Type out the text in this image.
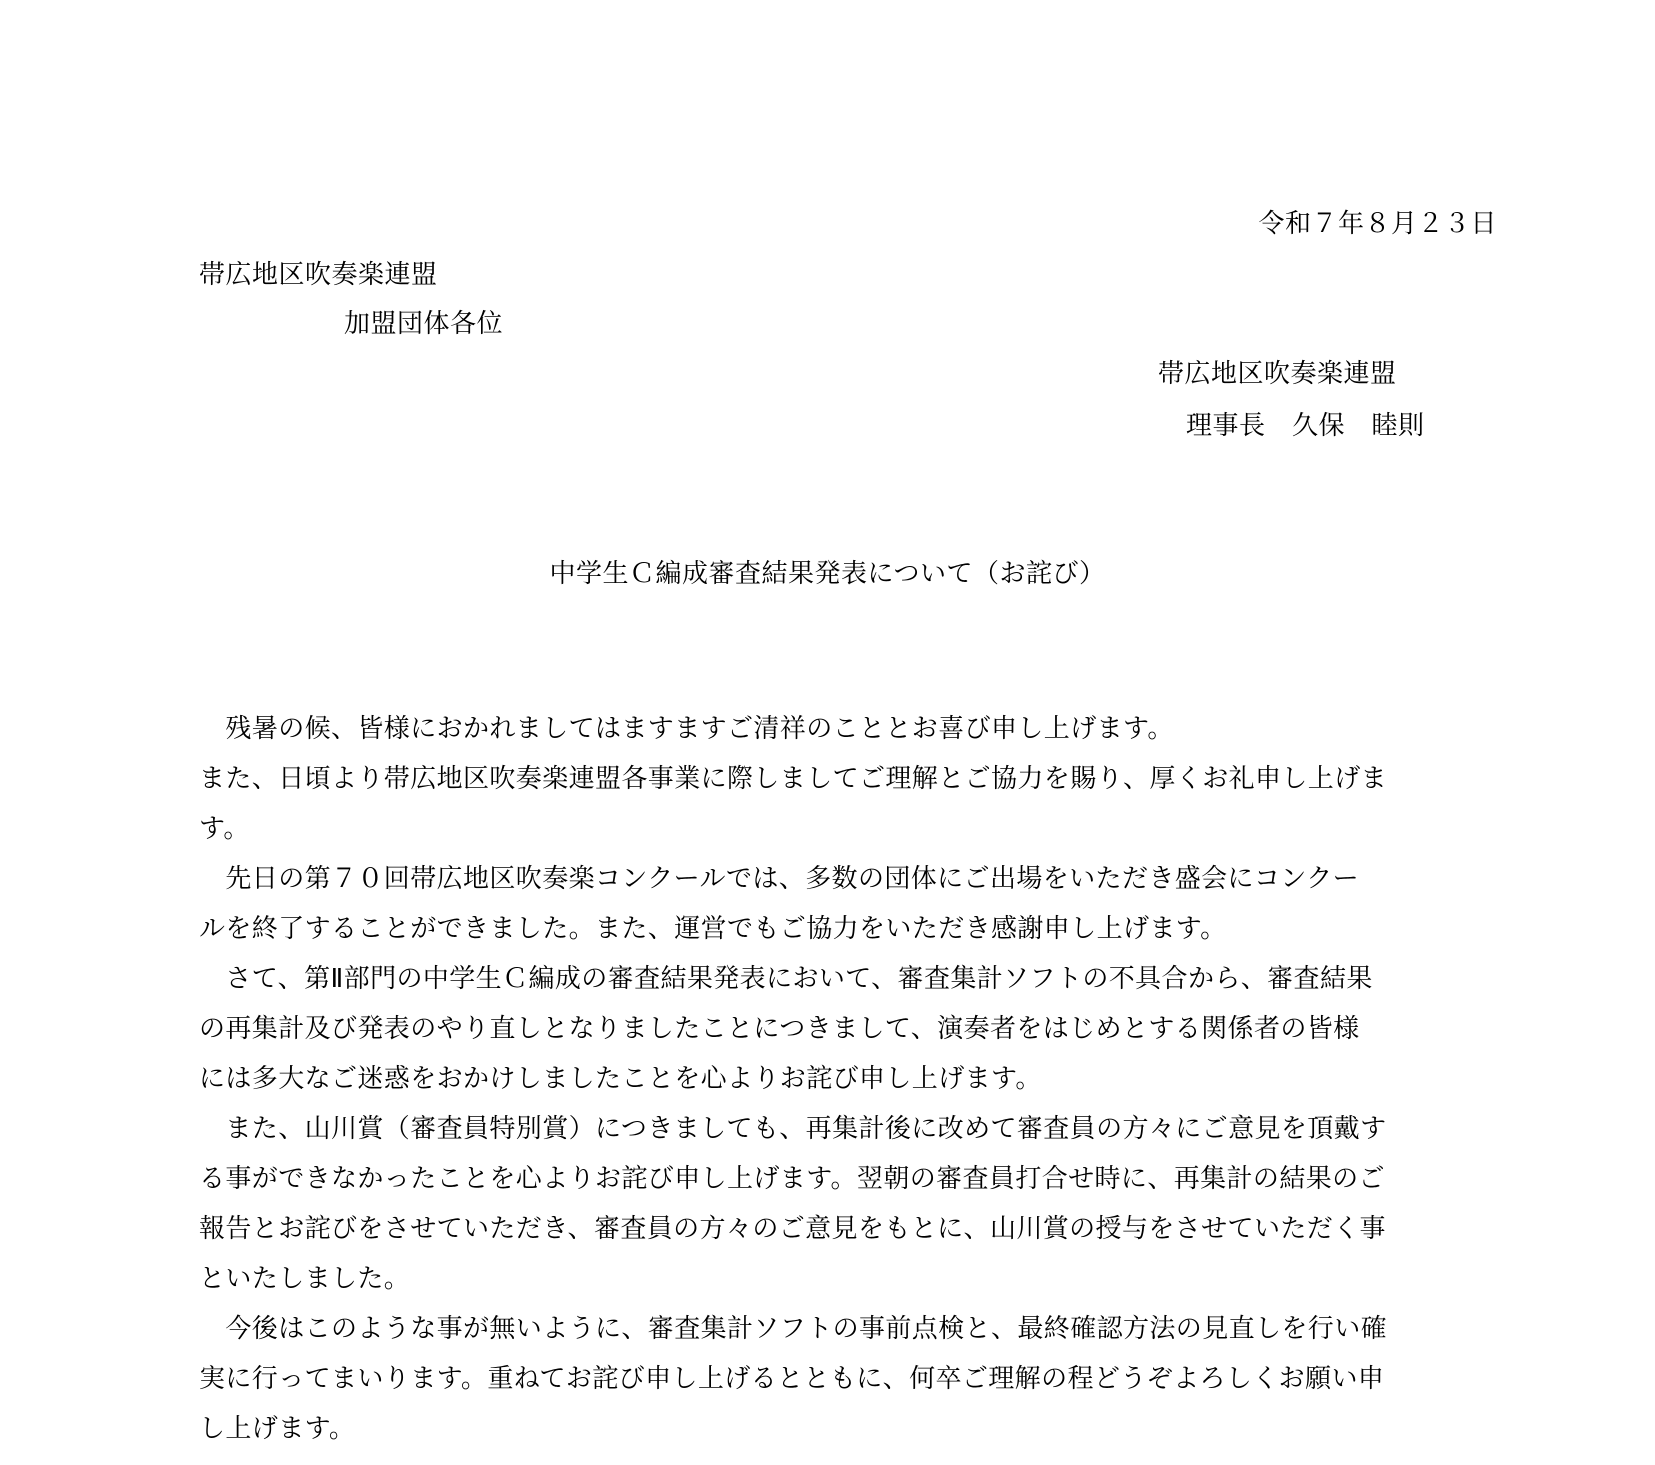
令和７年８月２３日
帯広地区吹奏楽連盟
加盟団体各位
帯広地区吹奏楽連盟
理事長　久保　睦則
中学生Ｃ編成審査結果発表について（お詫び）
　残暑の候、皆様におかれましてはますますご清祥のこととお喜び申し上げます。
また、日頃より帯広地区吹奏楽連盟各事業に際しましてご理解とご協力を賜り、厚くお礼申し上げま
す。
　先日の第７０回帯広地区吹奏楽コンクールでは、多数の団体にご出場をいただき盛会にコンクー
ルを終了することができました。また、運営でもご協力をいただき感謝申し上げます。
　さて、第Ⅱ部門の中学生Ｃ編成の審査結果発表において、審査集計ソフトの不具合から、審査結果
の再集計及び発表のやり直しとなりましたことにつきまして、演奏者をはじめとする関係者の皆様
には多大なご迷惑をおかけしましたことを心よりお詫び申し上げます。
　また、山川賞（審査員特別賞）につきましても、再集計後に改めて審査員の方々にご意見を頂戴す
る事ができなかったことを心よりお詫び申し上げます。翌朝の審査員打合せ時に、再集計の結果のご
報告とお詫びをさせていただき、審査員の方々のご意見をもとに、山川賞の授与をさせていただく事
といたしました。
　今後はこのような事が無いように、審査集計ソフトの事前点検と、最終確認方法の見直しを行い確
実に行ってまいります。重ねてお詫び申し上げるとともに、何卒ご理解の程どうぞよろしくお願い申
し上げます。
